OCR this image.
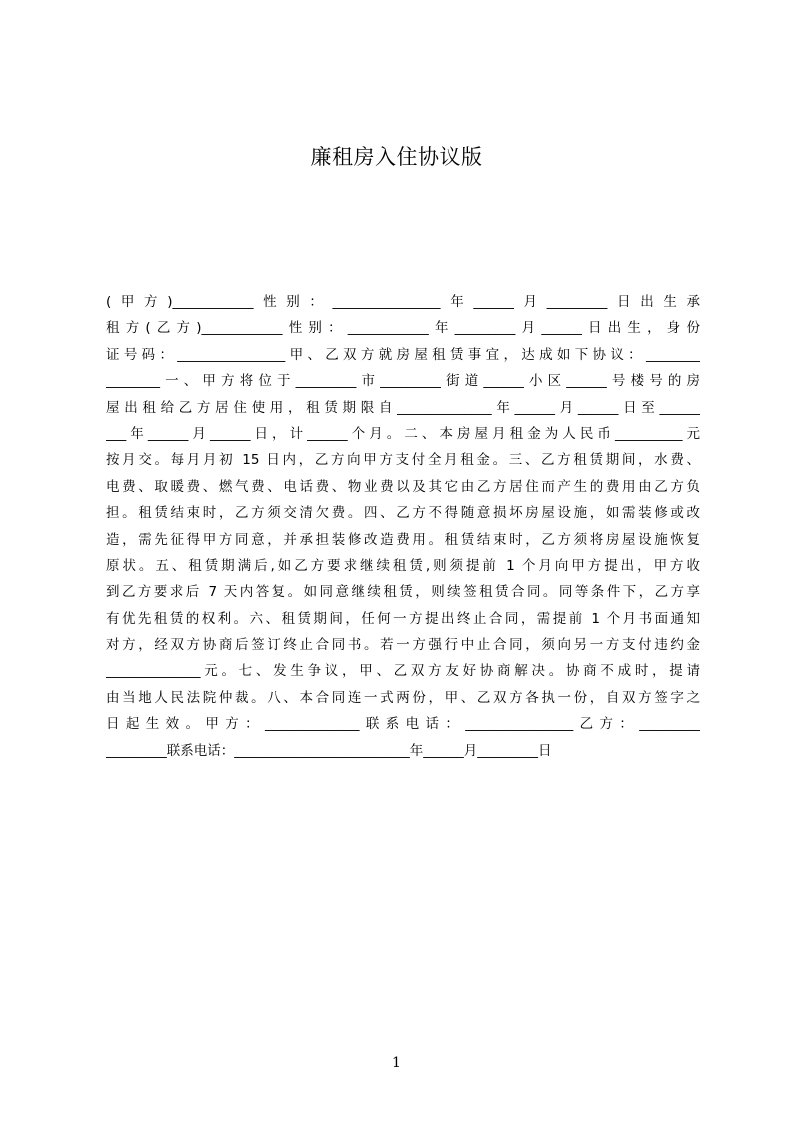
廉租房入住协议版
(甲方)____________性别：________________年______月_________日出生承
租方(乙方)____________性别：____________年_________月______日出生，身份
证号码：________________甲、乙双方就房屋租赁事宜，达成如下协议：________
________一、甲方将位于_________市_________街道______小区______号楼号的房
屋出租给乙方居住使用，租赁期限自______________年______月______日至______
___年______月______日，计______个月。二、本房屋月租金为人民币__________元
按月交。每月月初 15 日内，乙方向甲方支付全月租金。三、乙方租赁期间，水费、
电费、取暖费、燃气费、电话费、物业费以及其它由乙方居住而产生的费用由乙方负
担。租赁结束时，乙方须交清欠费。四、乙方不得随意损坏房屋设施，如需装修或改
造，需先征得甲方同意，并承担装修改造费用。租赁结束时，乙方须将房屋设施恢复
原状。五、租赁期满后,如乙方要求继续租赁,则须提前 1 个月向甲方提出，甲方收
到乙方要求后 7 天内答复。如同意继续租赁，则续签租赁合同。同等条件下，乙方享
有优先租赁的权利。六、租赁期间，任何一方提出终止合同，需提前 1 个月书面通知
对方，经双方协商后签订终止合同书。若一方强行中止合同，须向另一方支付违约金
______________元。七、发生争议，甲、乙双方友好协商解决。协商不成时，提请
由当地人民法院仲裁。八、本合同连一式两份，甲、乙双方各执一份，自双方签字之
日起生效。甲方：______________联系电话：________________乙方：_________
_________联系电话：__________________________年______月_________日
1
